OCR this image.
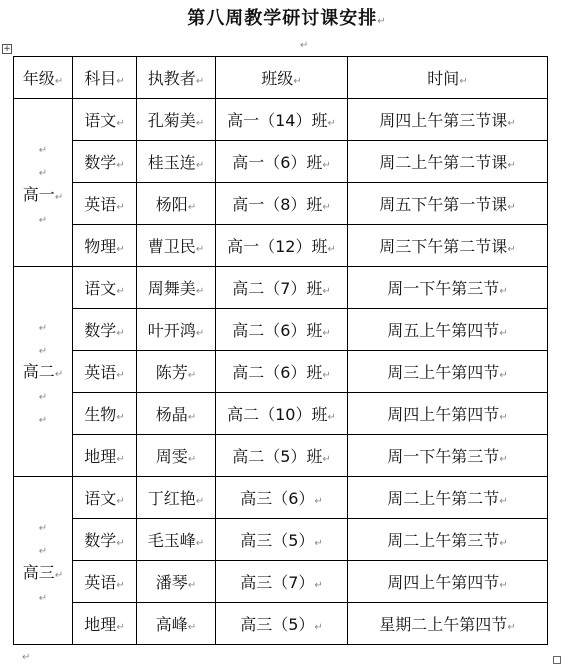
第八周教学研讨课安排↵
+	↵
年级↵	科目↵	执教者↵	班级↵	时间↵

↵
↵
高一↵
↵	语文↵	孔菊美↵	高一（14）班↵	周四上午第三节课↵
	数学↵	桂玉连↵	高一（6）班↵	周二上午第二节课↵
	英语↵	杨阳↵	高一（8）班↵	周五下午第一节课↵
	物理↵	曹卫民↵	高一（12）班↵	周三下午第二节课↵

↵
↵
高二↵
↵
↵	语文↵	周舞美↵	高二（7）班↵	周一下午第三节↵
	数学↵	叶开鸿↵	高二（6）班↵	周五上午第四节↵
	英语↵	陈芳↵	高二（6）班↵	周三上午第四节↵
	生物↵	杨晶↵	高二（10）班↵	周四上午第四节↵
	地理↵	周雯↵	高二（5）班↵	周一下午第三节↵

↵
↵
高三↵
↵	语文↵	丁红艳↵	高三（6）↵	周二上午第二节↵
	数学↵	毛玉峰↵	高三（5）↵	周二上午第三节↵
	英语↵	潘琴↵	高三（7）↵	周四上午第四节↵
	地理↵	高峰↵	高三（5）↵	星期二上午第四节↵
↵
